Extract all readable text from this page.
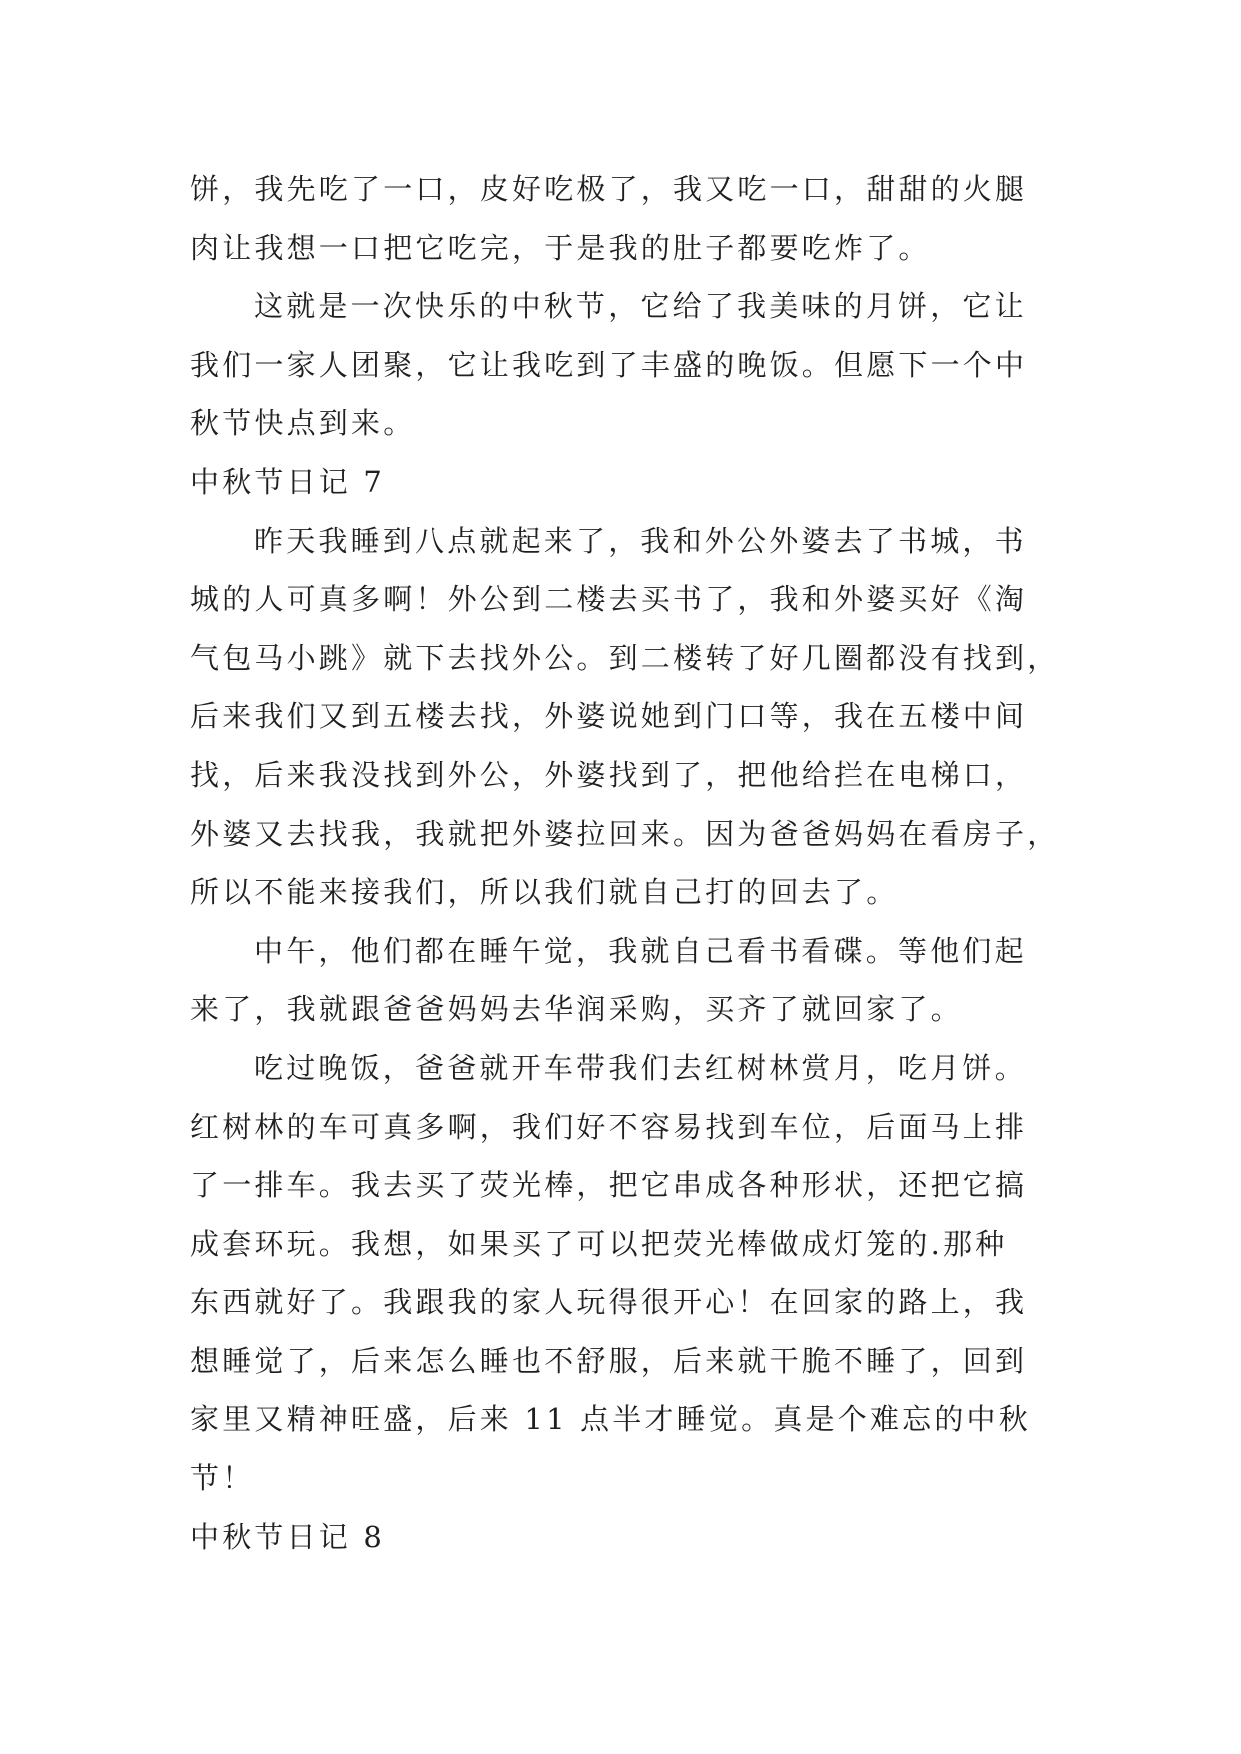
饼，我先吃了一口，皮好吃极了，我又吃一口，甜甜的火腿
肉让我想一口把它吃完，于是我的肚子都要吃炸了。
这就是一次快乐的中秋节，它给了我美味的月饼，它让
我们一家人团聚，它让我吃到了丰盛的晚饭。但愿下一个中
秋节快点到来。
中秋节日记 7
昨天我睡到八点就起来了，我和外公外婆去了书城，书
城的人可真多啊！外公到二楼去买书了，我和外婆买好《淘
气包马小跳》就下去找外公。到二楼转了好几圈都没有找到，
后来我们又到五楼去找，外婆说她到门口等，我在五楼中间
找，后来我没找到外公，外婆找到了，把他给拦在电梯口，
外婆又去找我，我就把外婆拉回来。因为爸爸妈妈在看房子，
所以不能来接我们，所以我们就自己打的回去了。
中午，他们都在睡午觉，我就自己看书看碟。等他们起
来了，我就跟爸爸妈妈去华润采购，买齐了就回家了。
吃过晚饭，爸爸就开车带我们去红树林赏月，吃月饼。
红树林的车可真多啊，我们好不容易找到车位，后面马上排
了一排车。我去买了荧光棒，把它串成各种形状，还把它搞
成套环玩。我想，如果买了可以把荧光棒做成灯笼的.那种
东西就好了。我跟我的家人玩得很开心！在回家的路上，我
想睡觉了，后来怎么睡也不舒服，后来就干脆不睡了，回到
家里又精神旺盛，后来 11 点半才睡觉。真是个难忘的中秋
节！
中秋节日记 8
